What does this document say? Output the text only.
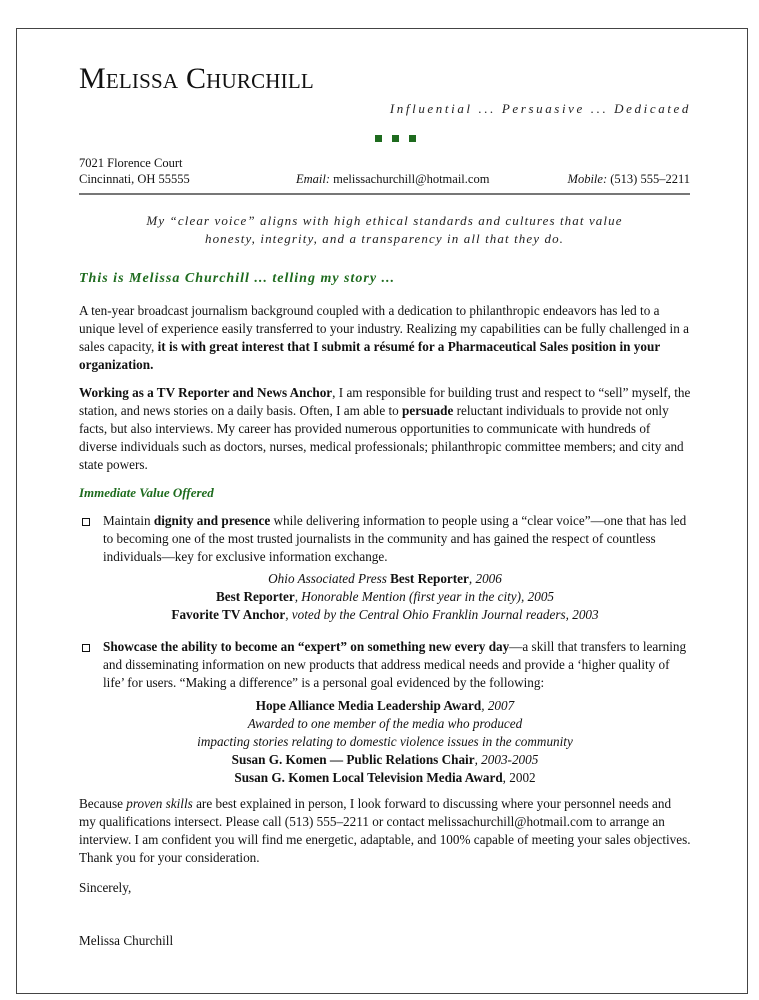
Melissa Churchill
Influential ... Persuasive ... Dedicated
7021 Florence Court
Cincinnati, OH 55555	Email: melissachurchill@hotmail.com	Mobile: (513) 555–2211
My “clear voice” aligns with high ethical standards and cultures that value
honesty, integrity, and a transparency in all that they do.
This is Melissa Churchill ... telling my story ...
A ten-year broadcast journalism background coupled with a dedication to philanthropic endeavors has led to a unique level of experience easily transferred to your industry. Realizing my capabilities can be fully challenged in a sales capacity, it is with great interest that I submit a résumé for a Pharmaceutical Sales position in your organization.
Working as a TV Reporter and News Anchor, I am responsible for building trust and respect to “sell” myself, the station, and news stories on a daily basis. Often, I am able to persuade reluctant individuals to provide not only facts, but also interviews. My career has provided numerous opportunities to communicate with hundreds of diverse individuals such as doctors, nurses, medical professionals; philanthropic committee members; and city and state powers.
Immediate Value Offered
Maintain dignity and presence while delivering information to people using a “clear voice”—one that has led to becoming one of the most trusted journalists in the community and has gained the respect of countless individuals—key for exclusive information exchange.
Ohio Associated Press Best Reporter, 2006
Best Reporter, Honorable Mention (first year in the city), 2005
Favorite TV Anchor, voted by the Central Ohio Franklin Journal readers, 2003
Showcase the ability to become an “expert” on something new every day—a skill that transfers to learning and disseminating information on new products that address medical needs and provide a ‘higher quality of life’ for users. “Making a difference” is a personal goal evidenced by the following:
Hope Alliance Media Leadership Award, 2007
Awarded to one member of the media who produced
impacting stories relating to domestic violence issues in the community
Susan G. Komen — Public Relations Chair, 2003-2005
Susan G. Komen Local Television Media Award, 2002
Because proven skills are best explained in person, I look forward to discussing where your personnel needs and my qualifications intersect. Please call (513) 555–2211 or contact melissachurchill@hotmail.com to arrange an interview. I am confident you will find me energetic, adaptable, and 100% capable of meeting your sales objectives. Thank you for your consideration.
Sincerely,
Melissa Churchill
